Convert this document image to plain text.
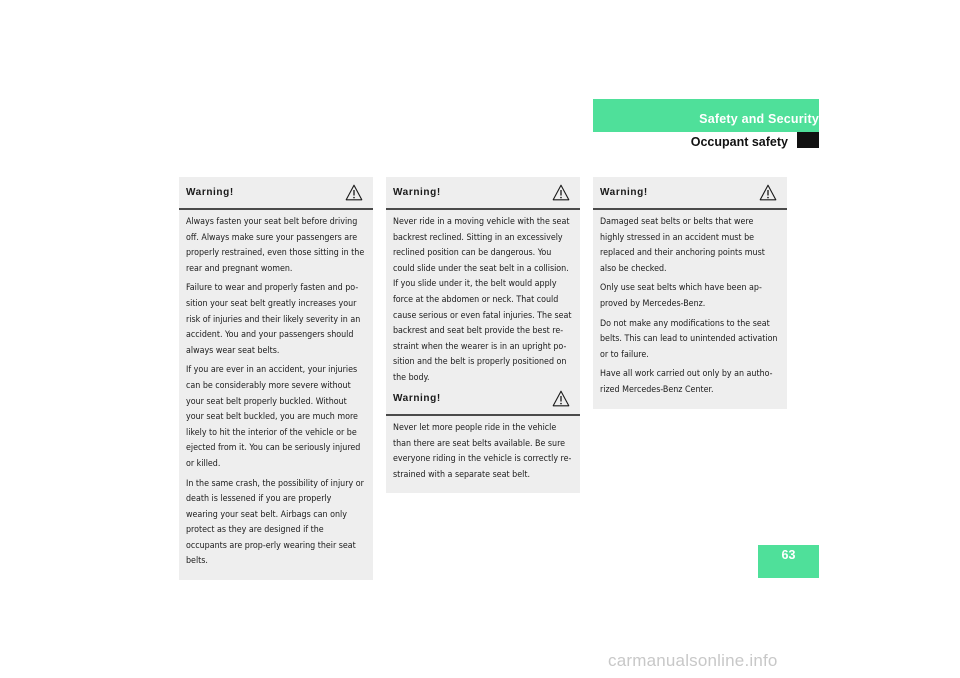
Safety and Security
Occupant safety
Warning!

Always fasten your seat belt before driving off. Always make sure your passengers are properly restrained, even those sitting in the rear and pregnant women.

Failure to wear and properly fasten and po-sition your seat belt greatly increases your risk of injuries and their likely severity in an accident. You and your passengers should always wear seat belts.

If you are ever in an accident, your injuries can be considerably more severe without your seat belt properly buckled. Without your seat belt buckled, you are much more likely to hit the interior of the vehicle or be ejected from it. You can be seriously injured or killed.

In the same crash, the possibility of injury or death is lessened if you are properly wearing your seat belt. Airbags can only protect as they are designed if the occupants are prop-erly wearing their seat belts.

Warning!

Never ride in a moving vehicle with the seat backrest reclined. Sitting in an excessively reclined position can be dangerous. You could slide under the seat belt in a collision. If you slide under it, the belt would apply force at the abdomen or neck. That could cause serious or even fatal injuries. The seat backrest and seat belt provide the best re-straint when the wearer is in an upright po-sition and the belt is properly positioned on the body.

Warning!

Never let more people ride in the vehicle than there are seat belts available. Be sure everyone riding in the vehicle is correctly re-strained with a separate seat belt.

Warning!

Damaged seat belts or belts that were highly stressed in an accident must be replaced and their anchoring points must also be checked.

Only use seat belts which have been ap-proved by Mercedes-Benz.

Do not make any modifications to the seat belts. This can lead to unintended activation or to failure.

Have all work carried out only by an autho-rized Mercedes-Benz Center.

63
carmanualsonline.info
